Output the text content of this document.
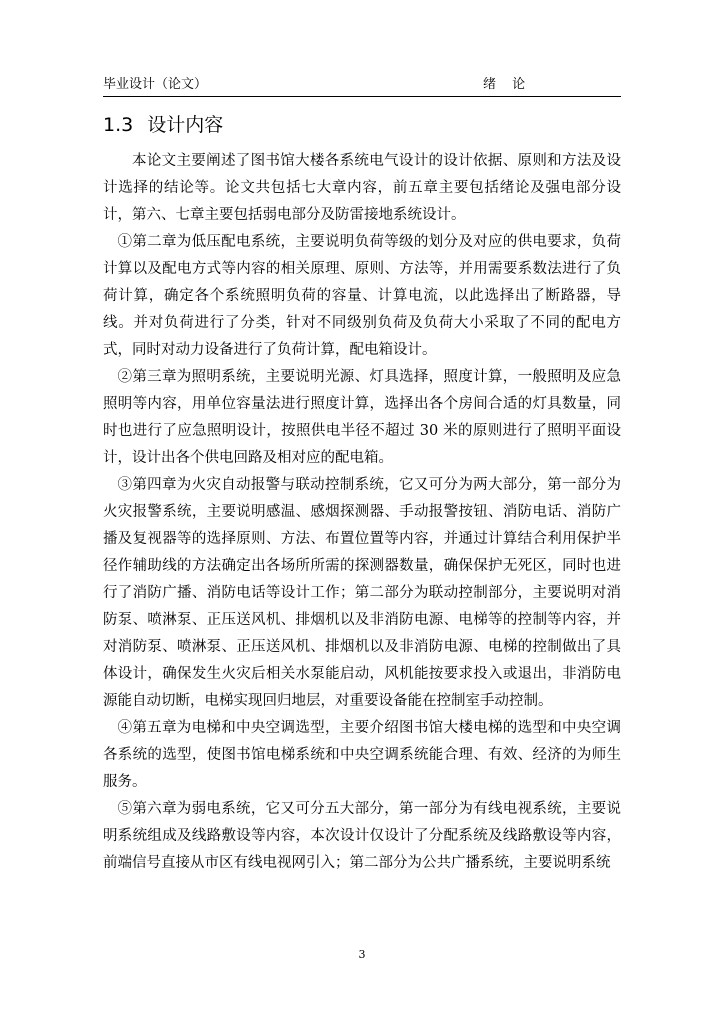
毕业设计（论文）	绪 论
1.3 设计内容

本论文主要阐述了图书馆大楼各系统电气设计的设计依据、原则和方法及设计选择的结论等。论文共包括七大章内容，前五章主要包括绪论及强电部分设计，第六、七章主要包括弱电部分及防雷接地系统设计。

①第二章为低压配电系统，主要说明负荷等级的划分及对应的供电要求，负荷计算以及配电方式等内容的相关原理、原则、方法等，并用需要系数法进行了负荷计算，确定各个系统照明负荷的容量、计算电流，以此选择出了断路器，导线。并对负荷进行了分类，针对不同级别负荷及负荷大小采取了不同的配电方式，同时对动力设备进行了负荷计算，配电箱设计。

②第三章为照明系统，主要说明光源、灯具选择，照度计算，一般照明及应急照明等内容，用单位容量法进行照度计算，选择出各个房间合适的灯具数量，同时也进行了应急照明设计，按照供电半径不超过 30 米的原则进行了照明平面设计，设计出各个供电回路及相对应的配电箱。

③第四章为火灾自动报警与联动控制系统，它又可分为两大部分，第一部分为火灾报警系统，主要说明感温、感烟探测器、手动报警按钮、消防电话、消防广播及复视器等的选择原则、方法、布置位置等内容，并通过计算结合利用保护半径作辅助线的方法确定出各场所所需的探测器数量，确保保护无死区，同时也进行了消防广播、消防电话等设计工作；第二部分为联动控制部分，主要说明对消防泵、喷淋泵、正压送风机、排烟机以及非消防电源、电梯等的控制等内容，并对消防泵、喷淋泵、正压送风机、排烟机以及非消防电源、电梯的控制做出了具体设计，确保发生火灾后相关水泵能启动，风机能按要求投入或退出，非消防电源能自动切断，电梯实现回归地层，对重要设备能在控制室手动控制。

④第五章为电梯和中央空调选型，主要介绍图书馆大楼电梯的选型和中央空调各系统的选型，使图书馆电梯系统和中央空调系统能合理、有效、经济的为师生服务。

⑤第六章为弱电系统，它又可分五大部分，第一部分为有线电视系统，主要说明系统组成及线路敷设等内容，本次设计仅设计了分配系统及线路敷设等内容，前端信号直接从市区有线电视网引入；第二部分为公共广播系统，主要说明系统

3
